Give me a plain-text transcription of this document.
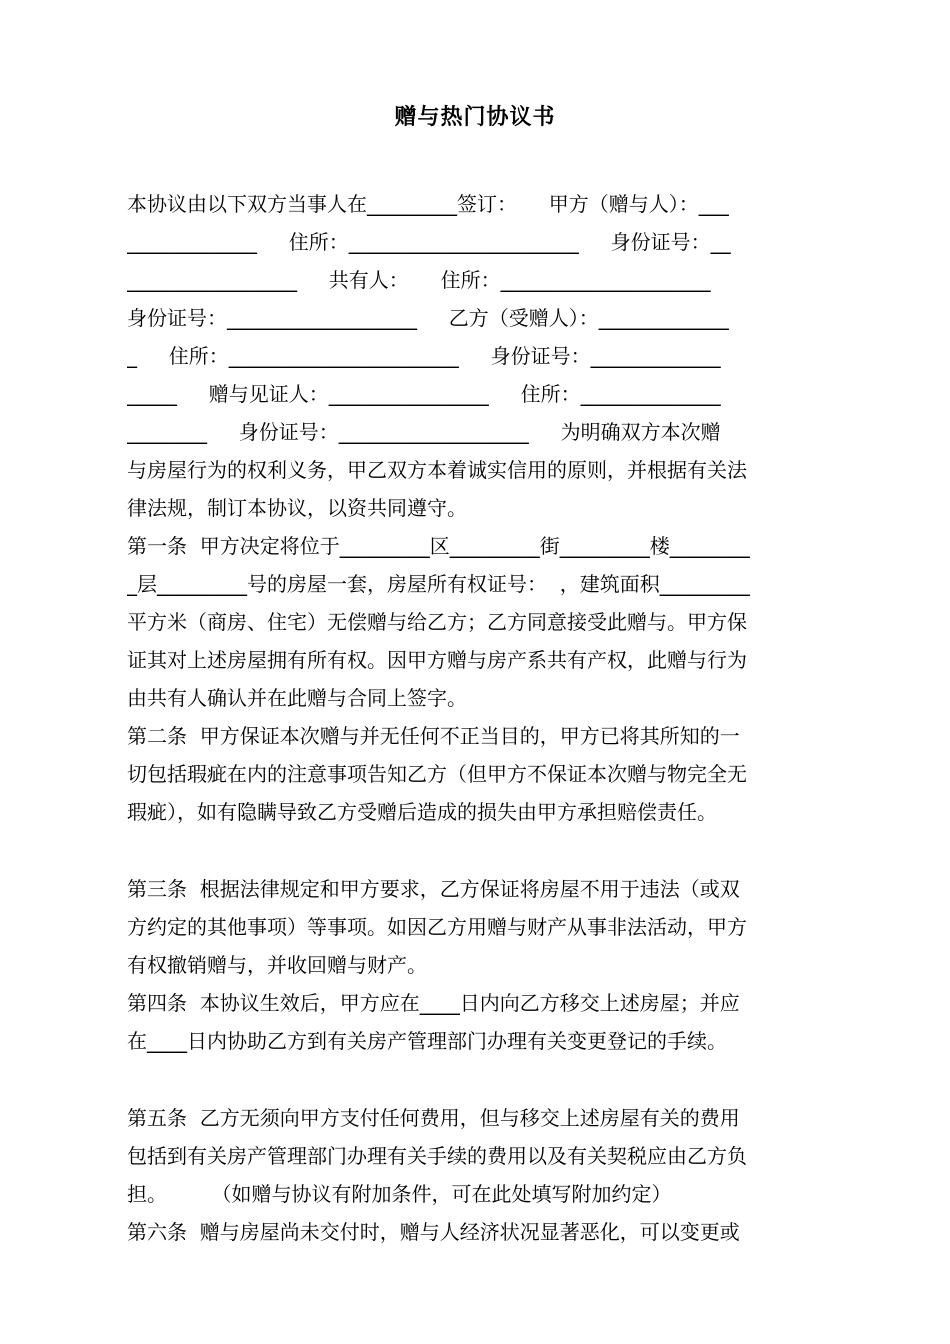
赠与热门协议书
本协议由以下双方当事人在_________签订：     甲方（赠与人）：___
_____________     住所：_______________________     身份证号：__
_________________     共有人：     住所：_____________________
身份证号：___________________     乙方（受赠人）：_____________
_     住所：_______________________     身份证号：_____________
_____     赠与见证人：________________     住所：______________
________     身份证号：___________________     为明确双方本次赠
与房屋行为的权利义务，甲乙双方本着诚实信用的原则，并根据有关法
律法规，制订本协议，以资共同遵守。
第一条  甲方决定将位于_________区_________街_________楼________
_层_________号的房屋一套，房屋所有权证号：  ，建筑面积_________
平方米（商房、住宅）无偿赠与给乙方；乙方同意接受此赠与。甲方保
证其对上述房屋拥有所有权。因甲方赠与房产系共有产权，此赠与行为
由共有人确认并在此赠与合同上签字。
第二条  甲方保证本次赠与并无任何不正当目的，甲方已将其所知的一
切包括瑕疵在内的注意事项告知乙方（但甲方不保证本次赠与物完全无
瑕疵），如有隐瞒导致乙方受赠后造成的损失由甲方承担赔偿责任。
第三条  根据法律规定和甲方要求，乙方保证将房屋不用于违法（或双
方约定的其他事项）等事项。如因乙方用赠与财产从事非法活动，甲方
有权撤销赠与，并收回赠与财产。
第四条  本协议生效后，甲方应在____日内向乙方移交上述房屋；并应
在____日内协助乙方到有关房产管理部门办理有关变更登记的手续。
第五条  乙方无须向甲方支付任何费用，但与移交上述房屋有关的费用
包括到有关房产管理部门办理有关手续的费用以及有关契税应由乙方负
担。       （如赠与协议有附加条件，可在此处填写附加约定）
第六条  赠与房屋尚未交付时，赠与人经济状况显著恶化，可以变更或
